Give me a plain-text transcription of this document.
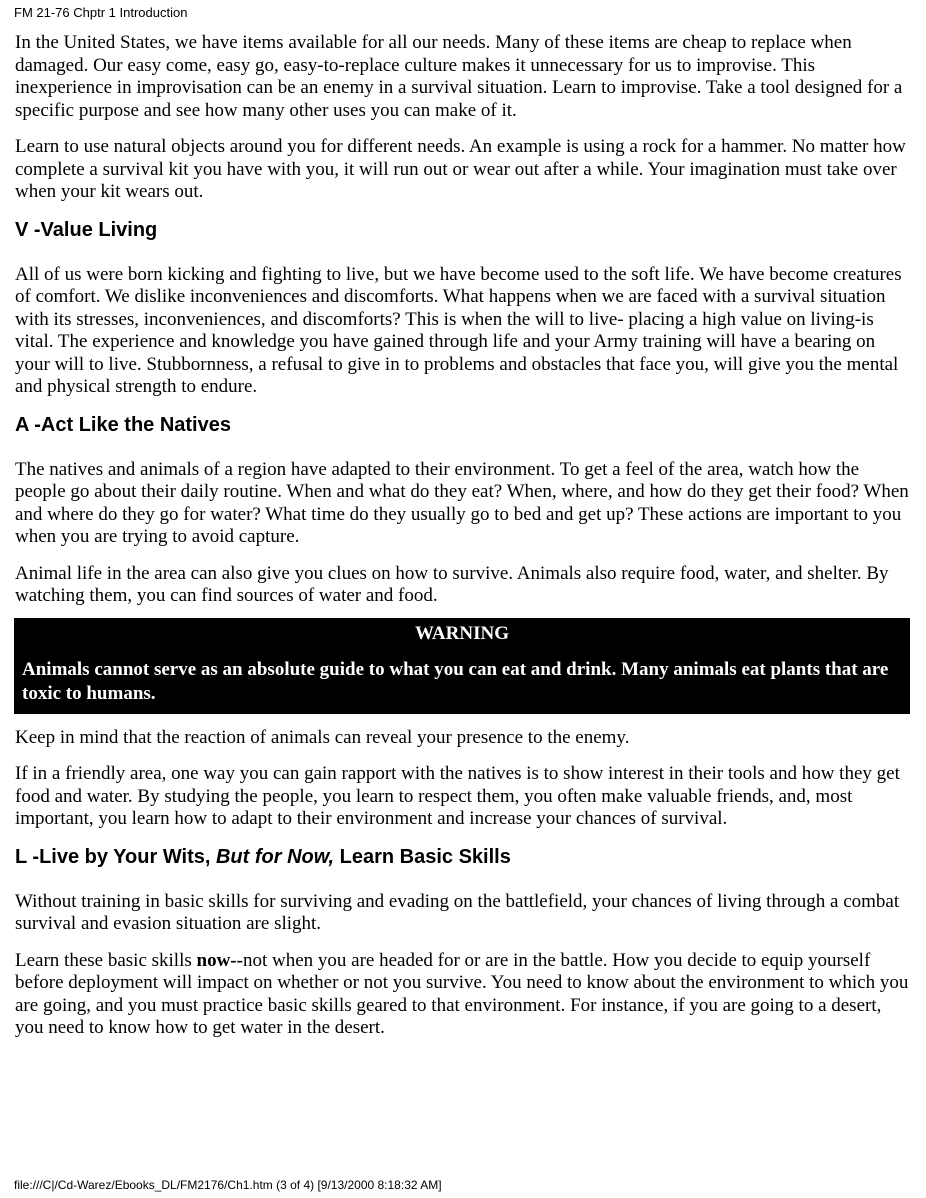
FM 21-76 Chptr 1 Introduction

In the United States, we have items available for all our needs. Many of these items are cheap to replace when damaged. Our easy come, easy go, easy-to-replace culture makes it unnecessary for us to improvise. This inexperience in improvisation can be an enemy in a survival situation. Learn to improvise. Take a tool designed for a specific purpose and see how many other uses you can make of it.

Learn to use natural objects around you for different needs. An example is using a rock for a hammer. No matter how complete a survival kit you have with you, it will run out or wear out after a while. Your imagination must take over when your kit wears out.

V -Value Living

All of us were born kicking and fighting to live, but we have become used to the soft life. We have become creatures of comfort. We dislike inconveniences and discomforts. What happens when we are faced with a survival situation with its stresses, inconveniences, and discomforts? This is when the will to live- placing a high value on living-is vital. The experience and knowledge you have gained through life and your Army training will have a bearing on your will to live. Stubbornness, a refusal to give in to problems and obstacles that face you, will give you the mental and physical strength to endure.

A -Act Like the Natives

The natives and animals of a region have adapted to their environment. To get a feel of the area, watch how the people go about their daily routine. When and what do they eat? When, where, and how do they get their food? When and where do they go for water? What time do they usually go to bed and get up? These actions are important to you when you are trying to avoid capture.

Animal life in the area can also give you clues on how to survive. Animals also require food, water, and shelter. By watching them, you can find sources of water and food.

WARNING
Animals cannot serve as an absolute guide to what you can eat and drink. Many animals eat plants that are toxic to humans.

Keep in mind that the reaction of animals can reveal your presence to the enemy.

If in a friendly area, one way you can gain rapport with the natives is to show interest in their tools and how they get food and water. By studying the people, you learn to respect them, you often make valuable friends, and, most important, you learn how to adapt to their environment and increase your chances of survival.

L -Live by Your Wits, But for Now, Learn Basic Skills

Without training in basic skills for surviving and evading on the battlefield, your chances of living through a combat survival and evasion situation are slight.

Learn these basic skills now--not when you are headed for or are in the battle. How you decide to equip yourself before deployment will impact on whether or not you survive. You need to know about the environment to which you are going, and you must practice basic skills geared to that environment. For instance, if you are going to a desert, you need to know how to get water in the desert.

file:///C|/Cd-Warez/Ebooks_DL/FM2176/Ch1.htm (3 of 4) [9/13/2000 8:18:32 AM]
